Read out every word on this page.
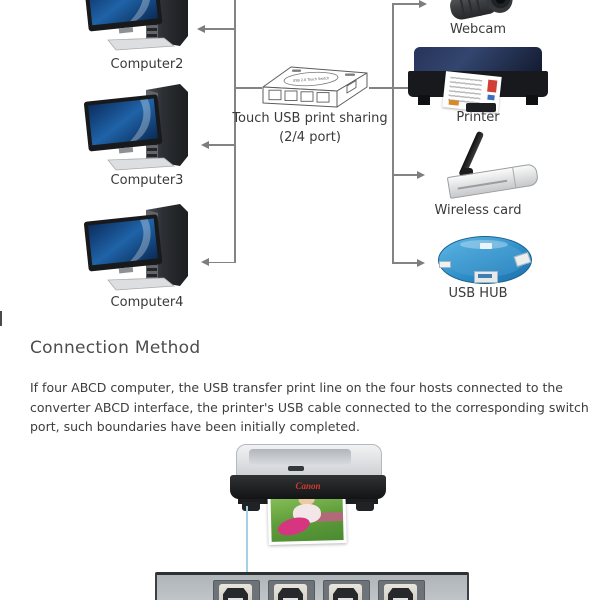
Computer2
Computer3
Computer4
USB 2.0 Touch Switch
Touch USB print sharing
(2/4 port)
Webcam
Printer
Wireless card
USB HUB
Connection Method
If four ABCD computer, the USB transfer print line on the four hosts connected to the
converter ABCD interface, the printer's USB cable connected to the corresponding switch
port, such boundaries have been initially completed.
Canon
